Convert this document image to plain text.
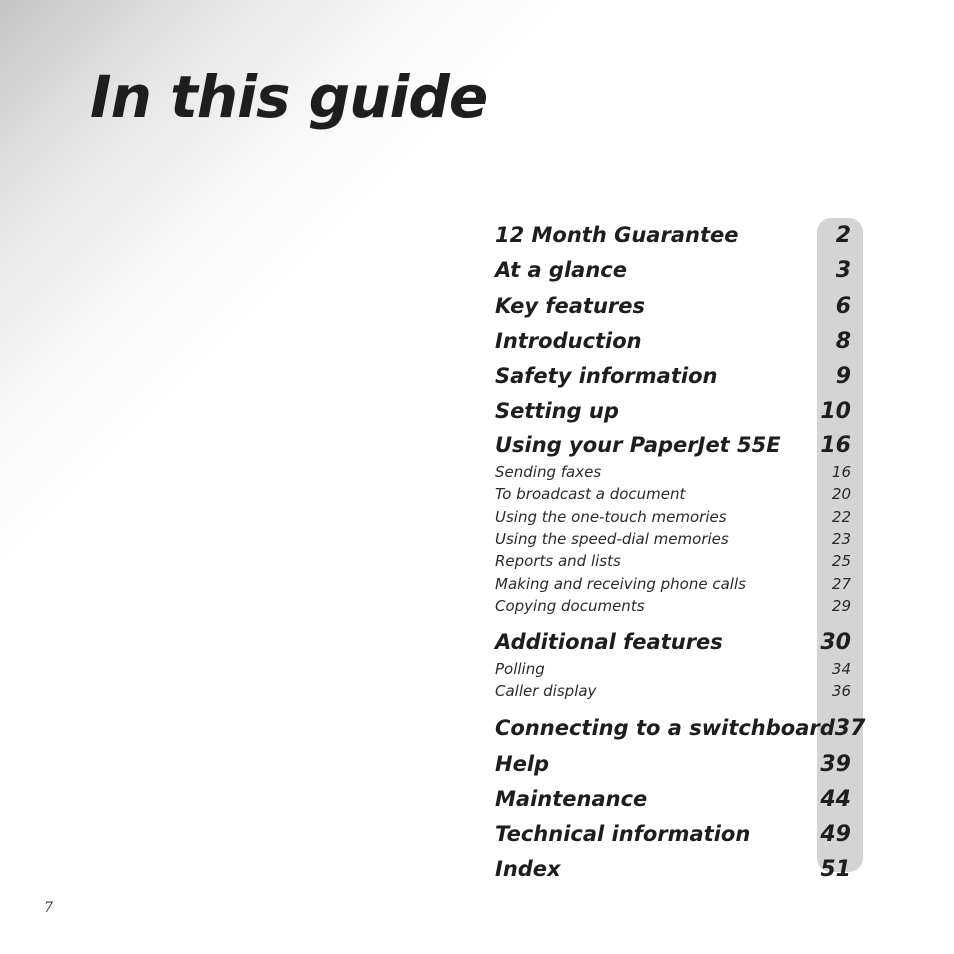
In this guide
12 Month Guarantee	2
At a glance	3
Key features	6
Introduction	8
Safety information	9
Setting up	10
Using your PaperJet 55E 16
Sending faxes	16
To broadcast a document	20
Using the one-touch memories	22
Using the speed-dial memories	23
Reports and lists	25
Making and receiving phone calls	27
Copying documents	29
Additional features	30
Polling	34
Caller display	36
Connecting to a switchboard 37
Help	39
Maintenance	44
Technical information	49
Index	51
7
